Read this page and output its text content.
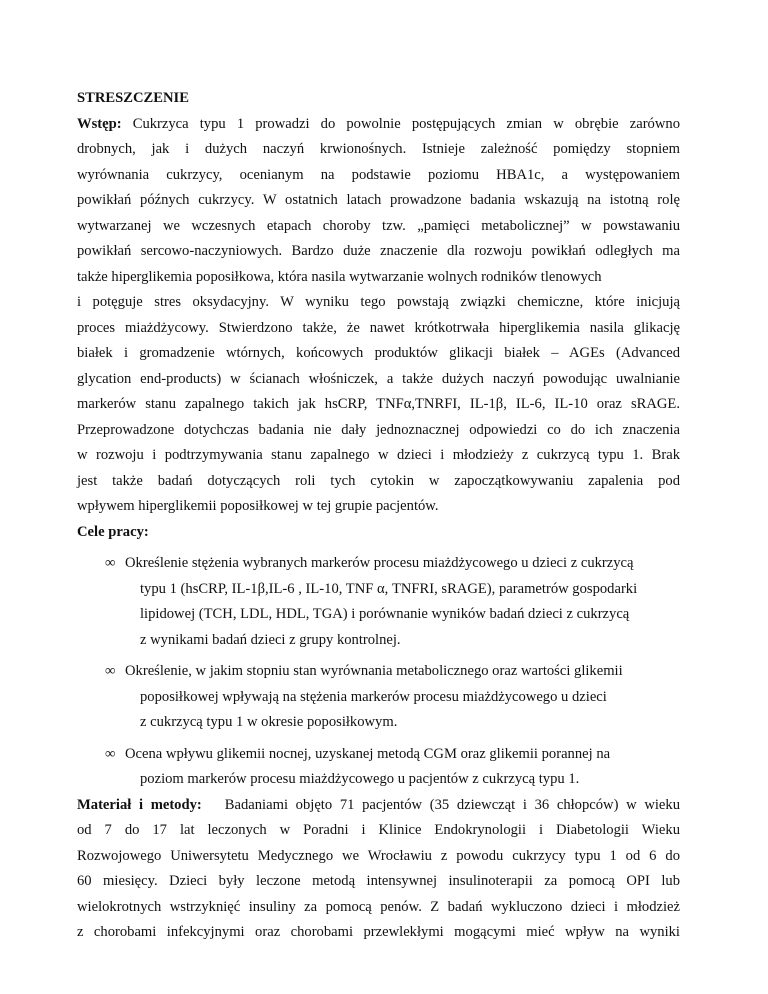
STRESZCZENIE
Wstęp: Cukrzyca typu 1 prowadzi do powolnie postępujących zmian w obrębie zarówno
drobnych, jak i dużych naczyń krwionośnych. Istnieje zależność pomiędzy stopniem
wyrównania cukrzycy, ocenianym na podstawie poziomu HBA1c, a występowaniem
powikłań późnych cukrzycy. W ostatnich latach prowadzone badania wskazują na istotną rolę
wytwarzanej we wczesnych etapach choroby tzw. „pamięci metabolicznej” w powstawaniu
powikłań sercowo-naczyniowych. Bardzo duże znaczenie dla rozwoju powikłań odległych ma
także hiperglikemia poposiłkowa, która nasila wytwarzanie wolnych rodników tlenowych
i potęguje stres oksydacyjny. W wyniku tego powstają związki chemiczne, które inicjują
proces miażdżycowy. Stwierdzono także, że nawet krótkotrwała hiperglikemia nasila glikację
białek i gromadzenie wtórnych, końcowych produktów glikacji białek – AGEs (Advanced
glycation end-products) w ścianach włośniczek, a także dużych naczyń powodując uwalnianie
markerów stanu zapalnego takich jak hsCRP, TNFα,TNRFI, IL-1β, IL-6, IL-10 oraz sRAGE.
Przeprowadzone dotychczas badania nie dały jednoznacznej odpowiedzi co do ich znaczenia
w rozwoju i podtrzymywania stanu zapalnego w dzieci i młodzieży z cukrzycą typu 1. Brak
jest także badań dotyczących roli tych cytokin w zapoczątkowywaniu zapalenia pod
wpływem hiperglikemii poposiłkowej w tej grupie pacjentów.
Cele pracy:
∞ Określenie stężenia wybranych markerów procesu miażdżycowego u dzieci z cukrzycą
typu 1 (hsCRP, IL-1β,IL-6 , IL-10, TNF α, TNFRI, sRAGE), parametrów gospodarki
lipidowej (TCH, LDL, HDL, TGA) i porównanie wyników badań dzieci z cukrzycą
z wynikami badań dzieci z grupy kontrolnej.
∞ Określenie, w jakim stopniu stan wyrównania metabolicznego oraz wartości glikemii
poposiłkowej wpływają na stężenia markerów procesu miażdżycowego u dzieci
z cukrzycą typu 1 w okresie poposiłkowym.
∞ Ocena wpływu glikemii nocnej, uzyskanej metodą CGM oraz glikemii porannej na
poziom markerów procesu miażdżycowego u pacjentów z cukrzycą typu 1.
Materiał i metody:   Badaniami objęto 71 pacjentów (35 dziewcząt i 36 chłopców) w wieku
od 7 do 17 lat leczonych w Poradni i Klinice Endokrynologii i Diabetologii Wieku
Rozwojowego Uniwersytetu Medycznego we Wrocławiu z powodu cukrzycy typu 1 od 6 do
60 miesięcy. Dzieci były leczone metodą intensywnej insulinoterapii za pomocą OPI lub
wielokrotnych wstrzyknięć insuliny za pomocą penów. Z badań wykluczono dzieci i młodzież
z chorobami infekcyjnymi oraz chorobami przewlekłymi mogącymi mieć wpływ na wyniki
